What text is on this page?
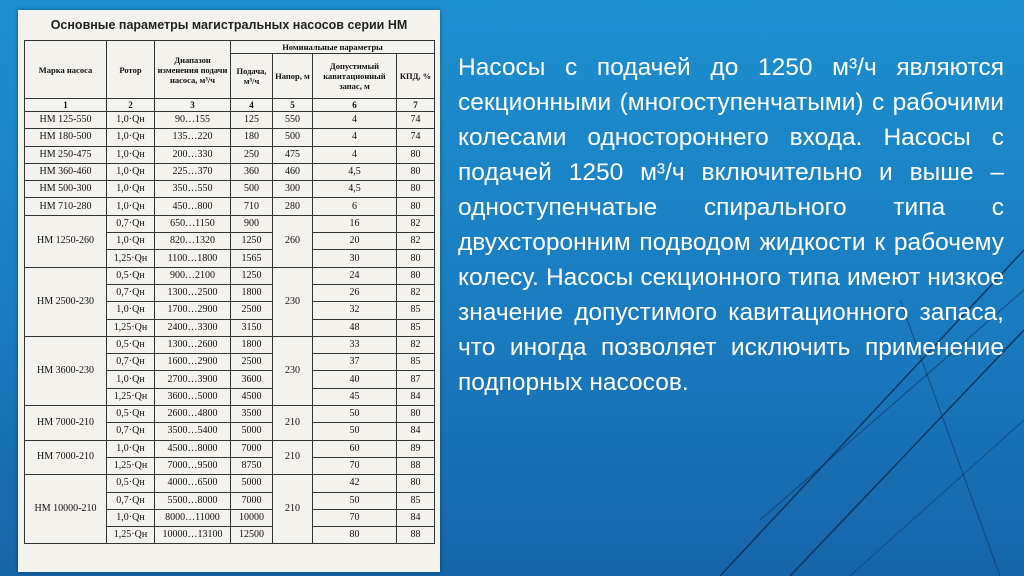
Основные параметры магистральных насосов серии НМ
Марка насоса	Ротор	Диапазон изменения подачи насоса, м³/ч	Номинальные параметры			
			Подача, м³/ч	Напор, м	Допустимый кавитационный запас, м	КПД, %
1	2	3	4	5	6	7
НМ 125-550	1,0·Qн	90…155	125	550	4	74
НМ 180-500	1,0·Qн	135…220	180	500	4	74
НМ 250-475	1,0·Qн	200…330	250	475	4	80
НМ 360-460	1,0·Qн	225…370	360	460	4,5	80
НМ 500-300	1,0·Qн	350…550	500	300	4,5	80
НМ 710-280	1,0·Qн	450…800	710	280	6	80
НМ 1250-260	0,7·Qн	650…1150	900	260	16	82
	1,0·Qн	820…1320	1250		20	82
	1,25·Qн	1100…1800	1565		30	80
НМ 2500-230	0,5·Qн	900…2100	1250	230	24	80
	0,7·Qн	1300…2500	1800		26	82
	1,0·Qн	1700…2900	2500		32	85
	1,25·Qн	2400…3300	3150		48	85
НМ 3600-230	0,5·Qн	1300…2600	1800	230	33	82
	0,7·Qн	1600…2900	2500		37	85
	1,0·Qн	2700…3900	3600		40	87
	1,25·Qн	3600…5000	4500		45	84
НМ 7000-210	0,5·Qн	2600…4800	3500	210	50	80
	0,7·Qн	3500…5400	5000		50	84
НМ 7000-210	1,0·Qн	4500…8000	7000	210	60	89
	1,25·Qн	7000…9500	8750		70	88
НМ 10000-210	0,5·Qн	4000…6500	5000	210	42	80
	0,7·Qн	5500…8000	7000		50	85
	1,0·Qн	8000…11000	10000		70	84
	1,25·Qн	10000…13100	12500		80	88

Насосы с подачей до 1250 м³/ч являются секционными (многоступенчатыми) с рабочими колесами одностороннего входа. Насосы с подачей 1250 м³/ч включительно и выше – одноступенчатые спирального типа с двухсторонним подводом жидкости к рабочему колесу. Насосы секционного типа имеют низкое значение допустимого кавитационного запаса, что иногда позволяет исключить применение подпорных насосов.
